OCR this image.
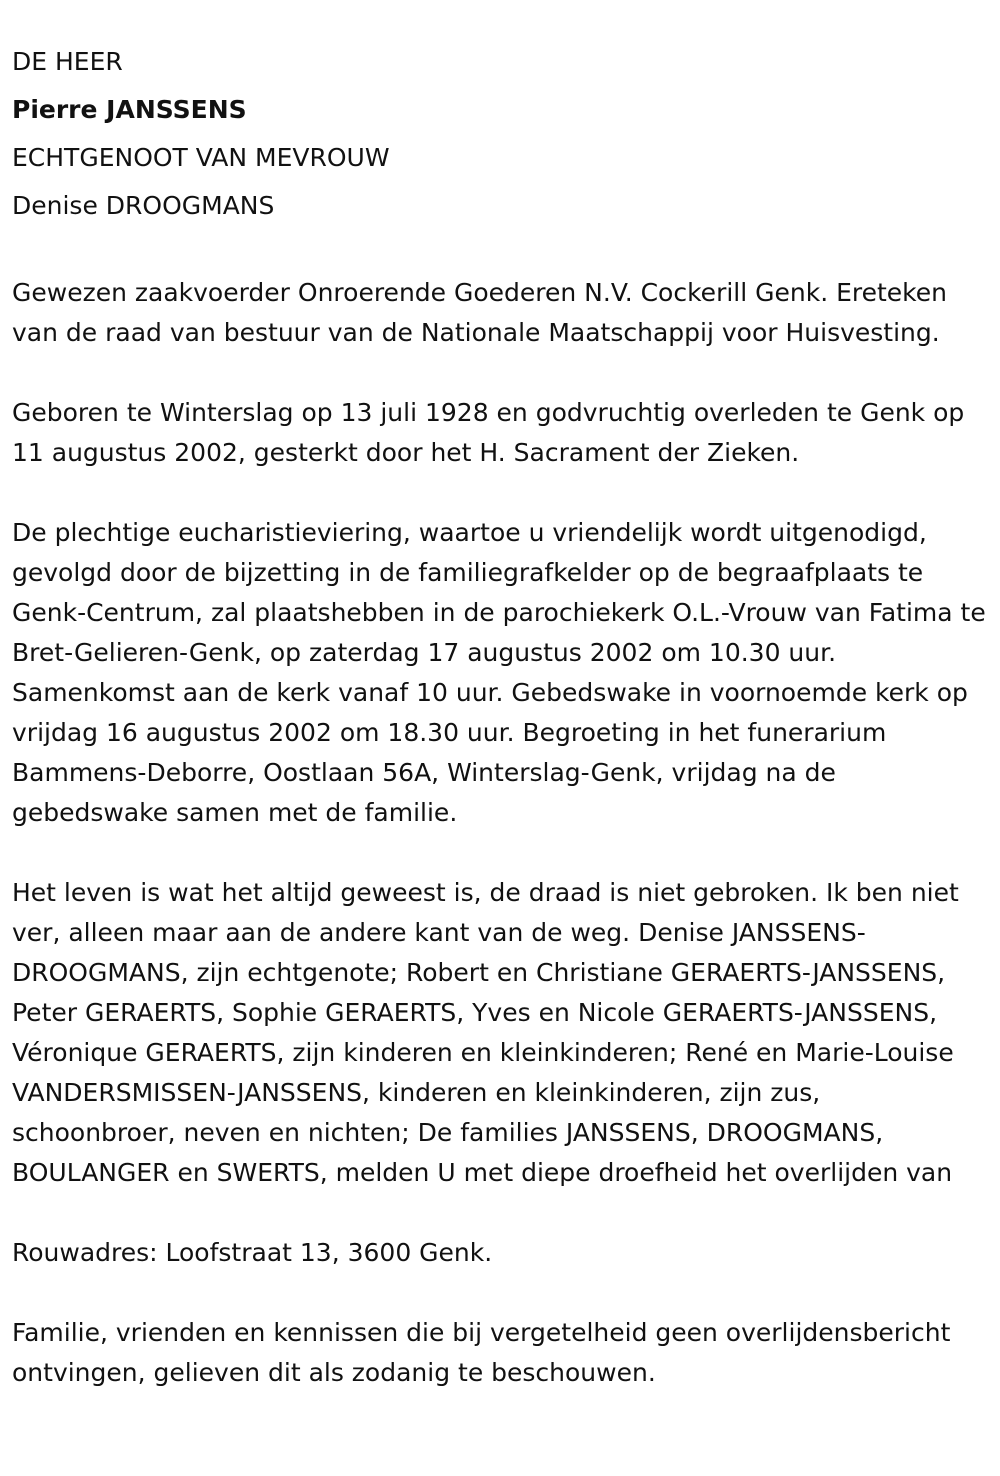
DE HEER
Pierre JANSSENS
ECHTGENOOT VAN MEVROUW
Denise DROOGMANS

Gewezen zaakvoerder Onroerende Goederen N.V. Cockerill Genk. Ereteken van de raad van bestuur van de Nationale Maatschappij voor Huisvesting.

Geboren te Winterslag op 13 juli 1928 en godvruchtig overleden te Genk op 11 augustus 2002, gesterkt door het H. Sacrament der Zieken.

De plechtige eucharistieviering, waartoe u vriendelijk wordt uitgenodigd, gevolgd door de bijzetting in de familiegrafkelder op de begraafplaats te Genk-Centrum, zal plaatshebben in de parochiekerk O.L.-Vrouw van Fatima te Bret-Gelieren-Genk, op zaterdag 17 augustus 2002 om 10.30 uur. Samenkomst aan de kerk vanaf 10 uur. Gebedswake in voornoemde kerk op vrijdag 16 augustus 2002 om 18.30 uur. Begroeting in het funerarium Bammens-Deborre, Oostlaan 56A, Winterslag-Genk, vrijdag na de gebedswake samen met de familie.

Het leven is wat het altijd geweest is, de draad is niet gebroken. Ik ben niet ver, alleen maar aan de andere kant van de weg. Denise JANSSENS-DROOGMANS, zijn echtgenote; Robert en Christiane GERAERTS-JANSSENS, Peter GERAERTS, Sophie GERAERTS, Yves en Nicole GERAERTS-JANSSENS, Véronique GERAERTS, zijn kinderen en kleinkinderen; René en Marie-Louise VANDERSMISSEN-JANSSENS, kinderen en kleinkinderen, zijn zus, schoonbroer, neven en nichten; De families JANSSENS, DROOGMANS, BOULANGER en SWERTS, melden U met diepe droefheid het overlijden van

Rouwadres: Loofstraat 13, 3600 Genk.

Familie, vrienden en kennissen die bij vergetelheid geen overlijdensbericht ontvingen, gelieven dit als zodanig te beschouwen.
